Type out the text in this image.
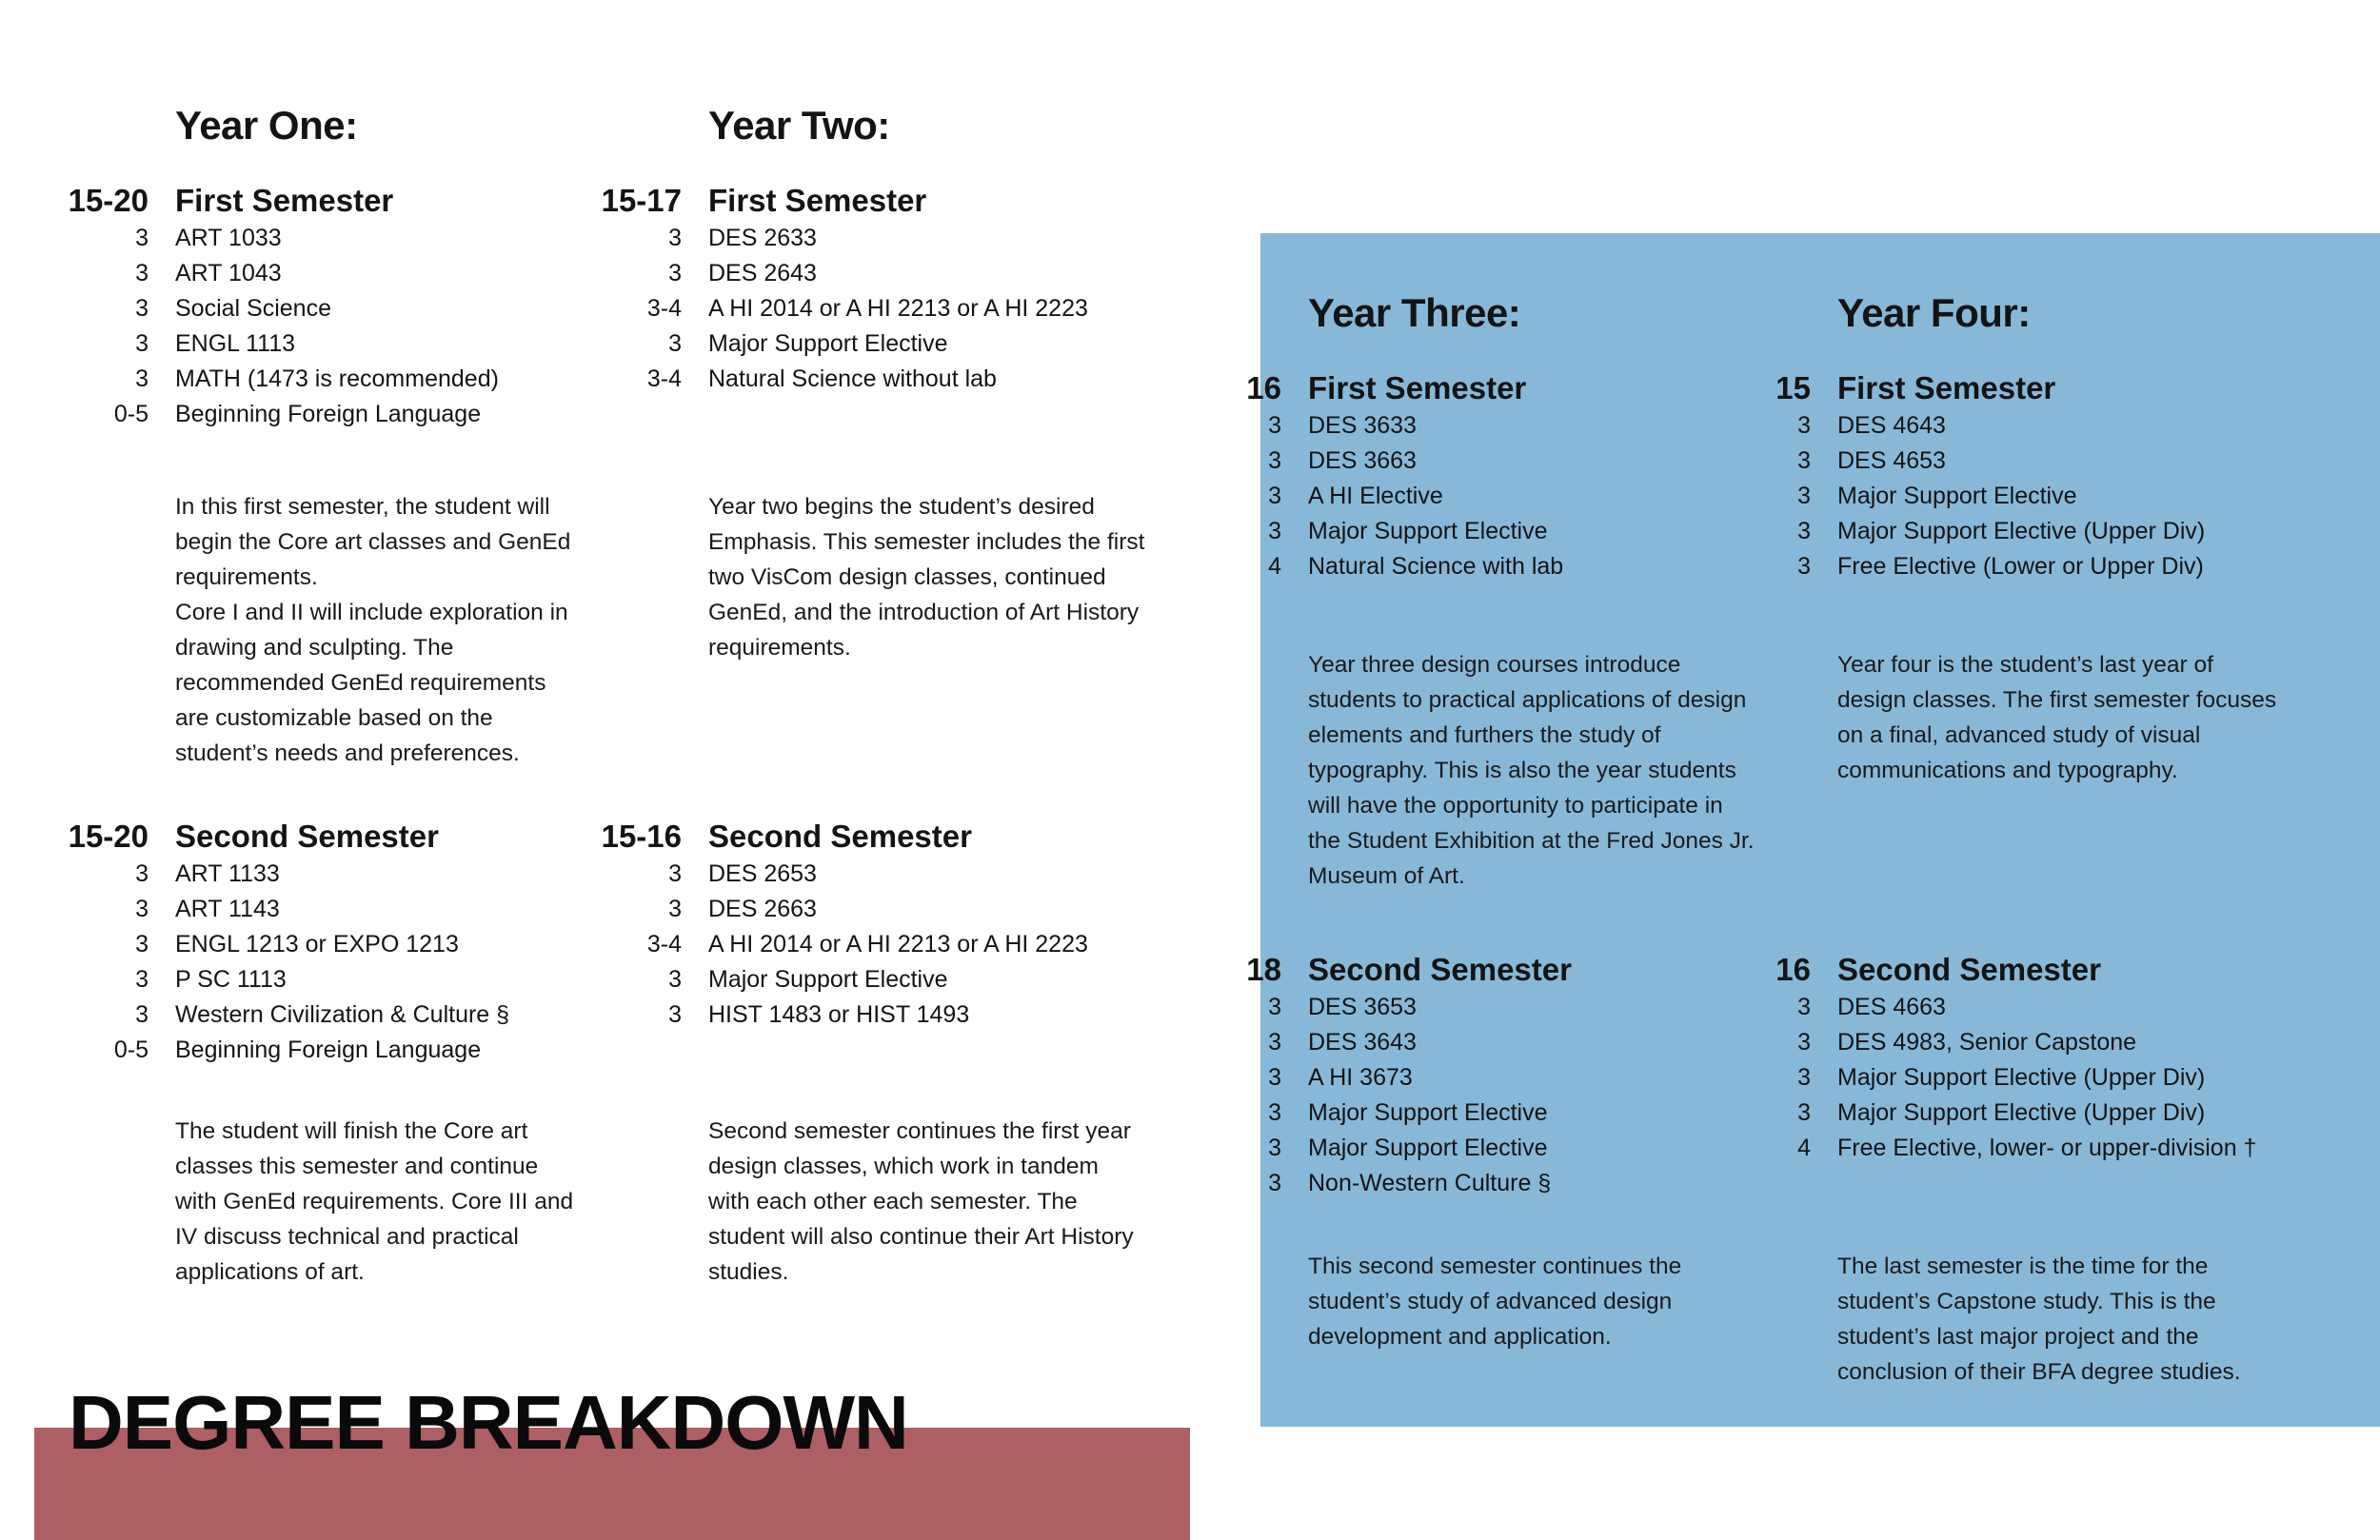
DEGREE BREAKDOWN
Year One:
15-20 First Semester
3 ART 1033
3 ART 1043
3 Social Science
3 ENGL 1113
3 MATH (1473 is recommended)
0-5 Beginning Foreign Language

In this first semester, the student will begin the Core art classes and GenEd requirements.
Core I and II will include exploration in drawing and sculpting. The recommended GenEd requirements are customizable based on the student’s needs and preferences.

15-20 Second Semester
3 ART 1133
3 ART 1143
3 ENGL 1213 or EXPO 1213
3 P SC 1113
3 Western Civilization & Culture §
0-5 Beginning Foreign Language

The student will finish the Core art classes this semester and continue with GenEd requirements. Core III and IV discuss technical and practical applications of art.

Year Two:
15-17 First Semester
3 DES 2633
3 DES 2643
3-4 A HI 2014 or A HI 2213 or A HI 2223
3 Major Support Elective
3-4 Natural Science without lab

Year two begins the student’s desired Emphasis. This semester includes the first two VisCom design classes, continued GenEd, and the introduction of Art History requirements.

15-16 Second Semester
3 DES 2653
3 DES 2663
3-4 A HI 2014 or A HI 2213 or A HI 2223
3 Major Support Elective
3 HIST 1483 or HIST 1493

Second semester continues the first year design classes, which work in tandem with each other each semester. The student will also continue their Art History studies.

Year Three:
16 First Semester
3 DES 3633
3 DES 3663
3 A HI Elective
3 Major Support Elective
4 Natural Science with lab

Year three design courses introduce students to practical applications of design elements and furthers the study of typography. This is also the year students will have the opportunity to participate in the Student Exhibition at the Fred Jones Jr. Museum of Art.

18 Second Semester
3 DES 3653
3 DES 3643
3 A HI 3673
3 Major Support Elective
3 Major Support Elective
3 Non-Western Culture §

This second semester continues the student’s study of advanced design development and application.

Year Four:
15 First Semester
3 DES 4643
3 DES 4653
3 Major Support Elective
3 Major Support Elective (Upper Div)
3 Free Elective (Lower or Upper Div)

Year four is the student’s last year of design classes. The first semester focuses on a final, advanced study of visual communications and typography.

16 Second Semester
3 DES 4663
3 DES 4983, Senior Capstone
3 Major Support Elective (Upper Div)
3 Major Support Elective (Upper Div)
4 Free Elective, lower- or upper-division †

The last semester is the time for the student’s Capstone study. This is the student’s last major project and the conclusion of their BFA degree studies.
